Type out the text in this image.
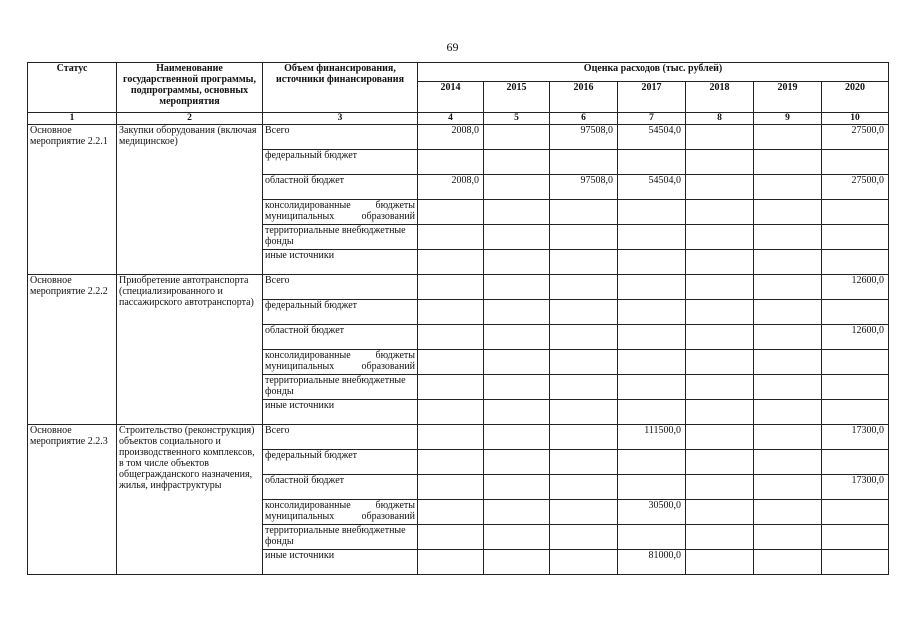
69
Статус	Наименование государственной программы, подпрограммы, основных мероприятия	Объем финансирования, источники финансирования	Оценка расходов (тыс. рублей)						
			2014	2015	2016	2017	2018	2019	2020
1	2	3	4	5	6	7	8	9	10
Основное мероприятие 2.2.1	Закупки оборудования (включая медицинское)	Всего	2008,0		97508,0	54504,0			27500,0
		федеральный бюджет							
		областной бюджет	2008,0		97508,0	54504,0			27500,0
		консолидированные бюджеты муниципальных образований							
		территориальные внебюджетные фонды							
		иные источники							
Основное мероприятие 2.2.2	Приобретение автотранспорта (специализированного и пассажирского автотранспорта)	Всего							12600,0
		федеральный бюджет							
		областной бюджет							12600,0
		консолидированные бюджеты муниципальных образований							
		территориальные внебюджетные фонды							
		иные источники							
Основное мероприятие 2.2.3	Строительство (реконструкция) объектов социального и производственного комплексов, в том числе объектов общегражданского назначения, жилья, инфраструктуры	Всего				111500,0			17300,0
		федеральный бюджет							
		областной бюджет							17300,0
		консолидированные бюджеты муниципальных образований				30500,0			
		территориальные внебюджетные фонды							
		иные источники				81000,0			
